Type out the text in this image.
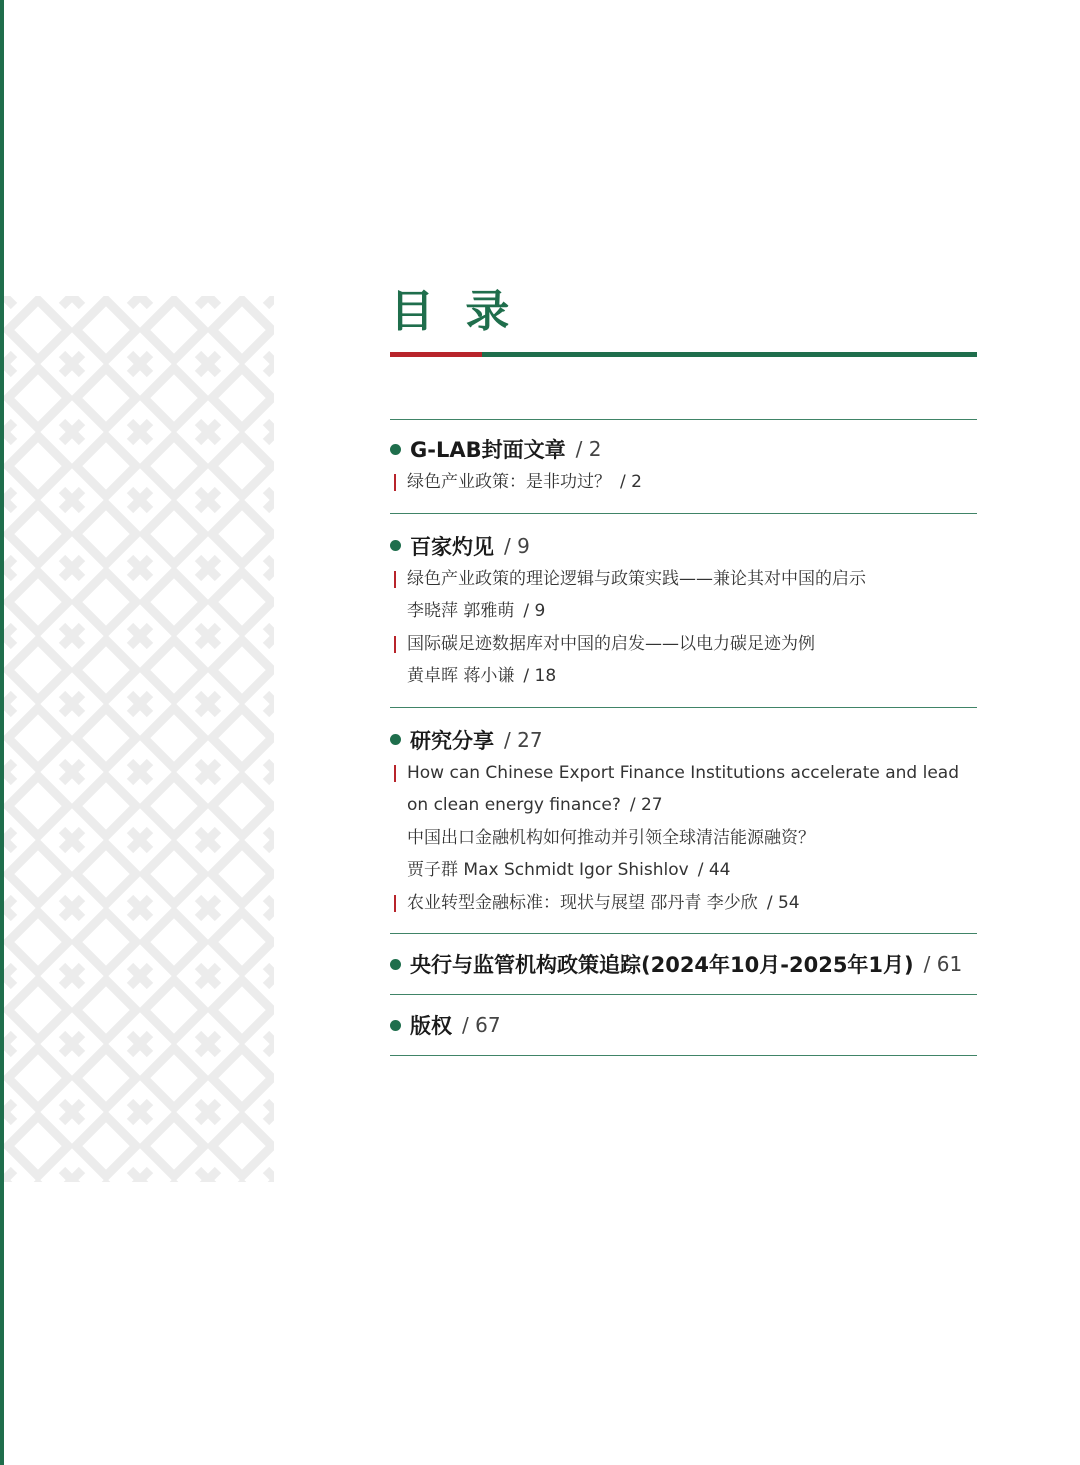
目 录
G-LAB封面文章 / 2
绿色产业政策：是非功过？ / 2
百家灼见 / 9
绿色产业政策的理论逻辑与政策实践——兼论其对中国的启示
李晓萍 郭雅萌 / 9
国际碳足迹数据库对中国的启发——以电力碳足迹为例
黄卓晖 蒋小谦 / 18
研究分享 / 27
How can Chinese Export Finance Institutions accelerate and lead
on clean energy finance? / 27
中国出口金融机构如何推动并引领全球清洁能源融资？
贾子群 Max Schmidt Igor Shishlov / 44
农业转型金融标准：现状与展望 邵丹青 李少欣 / 54
央行与监管机构政策追踪(2024年10月-2025年1月) / 61
版权 / 67
